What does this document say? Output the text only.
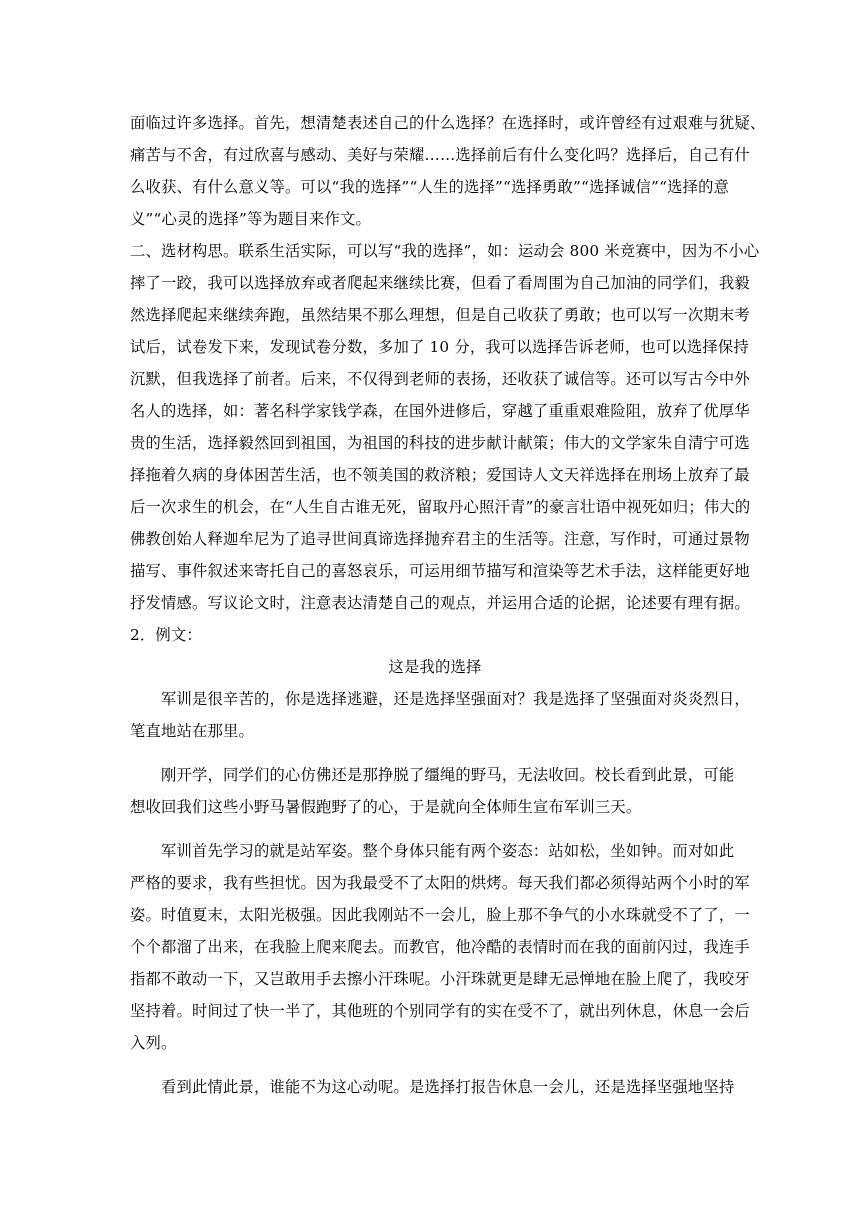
面临过许多选择。首先，想清楚表述自己的什么选择？在选择时，或许曾经有过艰难与犹疑、
痛苦与不舍，有过欣喜与感动、美好与荣耀……选择前后有什么变化吗？选择后，自己有什
么收获、有什么意义等。可以“我的选择”“人生的选择”“选择勇敢”“选择诚信”“选择的意
义”“心灵的选择”等为题目来作文。
二、选材构思。联系生活实际，可以写“我的选择”，如：运动会 800 米竞赛中，因为不小心
摔了一跤，我可以选择放弃或者爬起来继续比赛，但看了看周围为自己加油的同学们，我毅
然选择爬起来继续奔跑，虽然结果不那么理想，但是自己收获了勇敢；也可以写一次期末考
试后，试卷发下来，发现试卷分数，多加了 10 分，我可以选择告诉老师，也可以选择保持
沉默，但我选择了前者。后来，不仅得到老师的表扬，还收获了诚信等。还可以写古今中外
名人的选择，如：著名科学家钱学森，在国外进修后，穿越了重重艰难险阻，放弃了优厚华
贵的生活，选择毅然回到祖国，为祖国的科技的进步献计献策；伟大的文学家朱自清宁可选
择拖着久病的身体困苦生活，也不领美国的救济粮；爱国诗人文天祥选择在刑场上放弃了最
后一次求生的机会，在“人生自古谁无死，留取丹心照汗青”的豪言壮语中视死如归；伟大的
佛教创始人释迦牟尼为了追寻世间真谛选择抛弃君主的生活等。注意，写作时，可通过景物
描写、事件叙述来寄托自己的喜怒哀乐，可运用细节描写和渲染等艺术手法，这样能更好地
抒发情感。写议论文时，注意表达清楚自己的观点，并运用合适的论据，论述要有理有据。
2．例文：
这是我的选择
　　军训是很辛苦的，你是选择逃避，还是选择坚强面对？我是选择了坚强面对炎炎烈日，
笔直地站在那里。
　　刚开学，同学们的心仿佛还是那挣脱了缰绳的野马，无法收回。校长看到此景，可能
想收回我们这些小野马暑假跑野了的心，于是就向全体师生宣布军训三天。
　　军训首先学习的就是站军姿。整个身体只能有两个姿态：站如松，坐如钟。而对如此
严格的要求，我有些担忧。因为我最受不了太阳的烘烤。每天我们都必须得站两个小时的军
姿。时值夏末，太阳光极强。因此我刚站不一会儿，脸上那不争气的小水珠就受不了了，一
个个都溜了出来，在我脸上爬来爬去。而教官，他冷酷的表情时而在我的面前闪过，我连手
指都不敢动一下，又岂敢用手去擦小汗珠呢。小汗珠就更是肆无忌惮地在脸上爬了，我咬牙
坚持着。时间过了快一半了，其他班的个别同学有的实在受不了，就出列休息，休息一会后
入列。
　　看到此情此景，谁能不为这心动呢。是选择打报告休息一会儿，还是选择坚强地坚持
